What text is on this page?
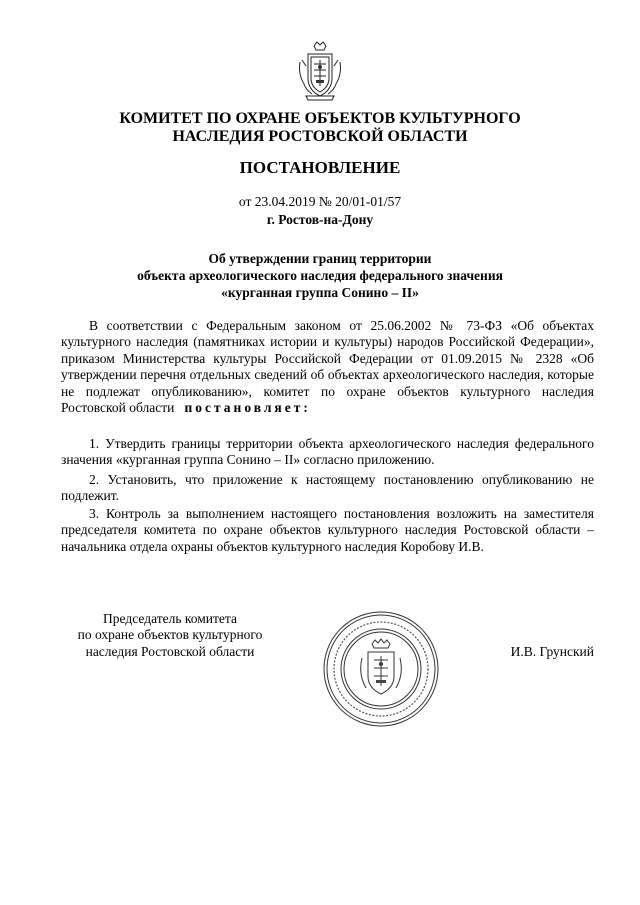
КОМИТЕТ ПО ОХРАНЕ ОБЪЕКТОВ КУЛЬТУРНОГО
НАСЛЕДИЯ РОСТОВСКОЙ ОБЛАСТИ
ПОСТАНОВЛЕНИЕ
от 23.04.2019 № 20/01-01/57
г. Ростов-на-Дону
Об утверждении границ территории
объекта археологического наследия федерального значения
«курганная группа Сонино – II»

В соответствии с Федеральным законом от 25.06.2002 № 73-ФЗ «Об объектах культурного наследия (памятниках истории и культуры) народов Российской Федерации», приказом Министерства культуры Российской Федерации от 01.09.2015 № 2328 «Об утверждении перечня отдельных сведений об объектах археологического наследия, которые не подлежат опубликованию», комитет по охране объектов культурного наследия Ростовской области постановляет:

1. Утвердить границы территории объекта археологического наследия федерального значения «курганная группа Сонино – II» согласно приложению.

2. Установить, что приложение к настоящему постановлению опубликованию не подлежит.

3. Контроль за выполнением настоящего постановления возложить на заместителя председателя комитета по охране объектов культурного наследия Ростовской области – начальника отдела охраны объектов культурного наследия Коробову И.В.

Председатель комитета
по охране объектов культурного
наследия Ростовской области	И.В. Грунский
